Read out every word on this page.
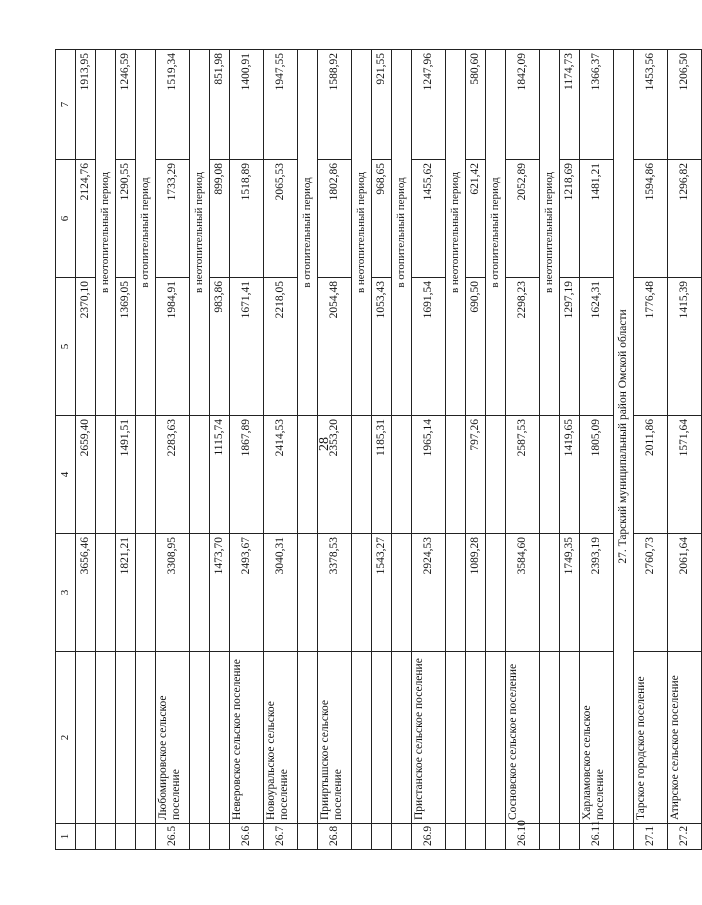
28
1	2	3	4	5	6	7
		3656,46	2659,40	2370,10	2124,76	1913,95
				в неотопительный период		
		1821,21	1491,51	1369,05	1290,55	1246,59
				в отопительный период		
26.5	Любомировское сельское поселение	3308,95	2283,63	1984,91	1733,29	1519,34
				в неотопительный период		
		1473,70	1115,74	983,86	899,08	851,98
26.6	Неверовское сельское поселение	2493,67	1867,89	1671,41	1518,89	1400,91
26.7	Новоуральское сельское поселение	3040,31	2414,53	2218,05	2065,53	1947,55
				в отопительный период		
26.8	Прииртышское сельское поселение	3378,53	2353,20	2054,48	1802,86	1588,92
				в неотопительный период		
		1543,27	1185,31	1053,43	968,65	921,55
				в отопительный период		
26.9	Пристанское сельское поселение	2924,53	1965,14	1691,54	1455,62	1247,96
				в неотопительный период		
		1089,28	797,26	690,50	621,42	580,60
				в отопительный период		
26.10	Сосновское сельское поселение	3584,60	2587,53	2298,23	2052,89	1842,09
				в неотопительный период		
		1749,35	1419,65	1297,19	1218,69	1174,73
26.11	Харламовское сельское поселение	2393,19	1805,09	1624,31	1481,21	1366,37
	27. Тарский муниципальный район Омской области					
27.1	Тарское городское поселение	2760,73	2011,86	1776,48	1594,86	1453,56
27.2	Атирское сельское поселение	2061,64	1571,64	1415,39	1296,82	1206,50
